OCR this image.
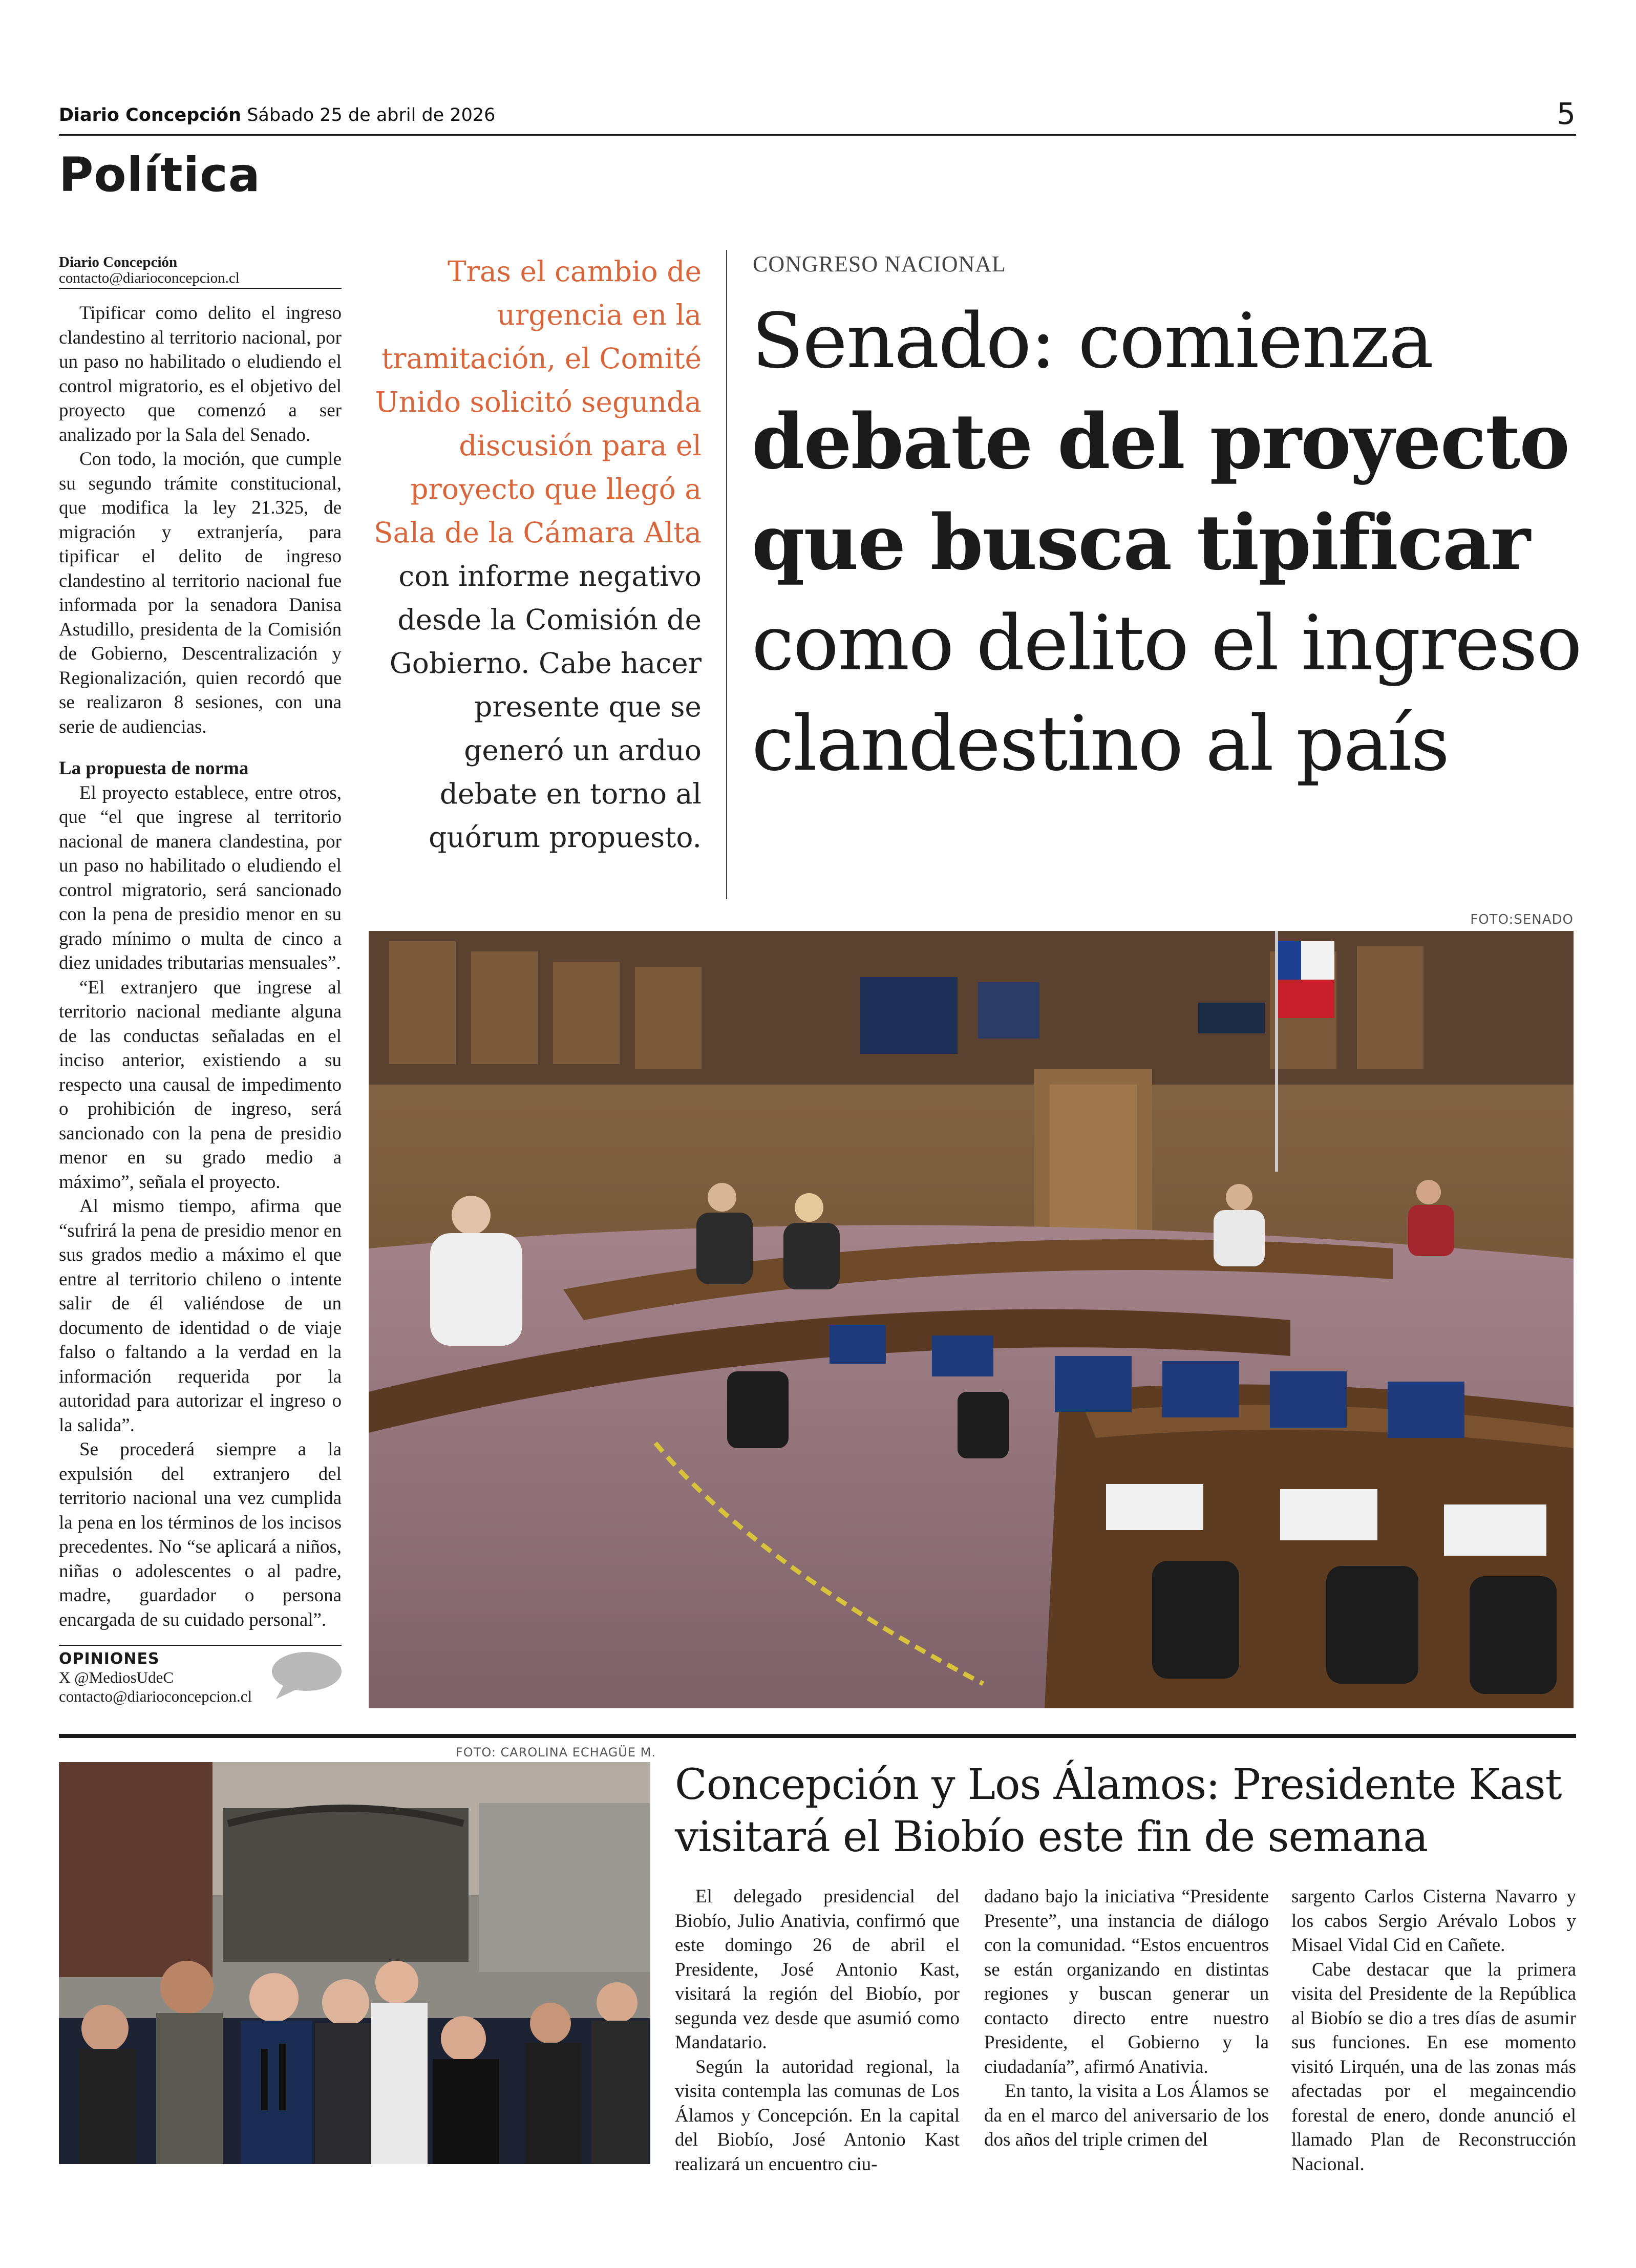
Diario Concepción Sábado 25 de abril de 2026	5
Política
Diario Concepción
contacto@diarioconcepcion.cl

Tipificar como delito el ingreso clandestino al territorio nacional, por un paso no habilitado o eludiendo el control migratorio, es el objetivo del proyecto que comenzó a ser analizado por la Sala del Senado.

Con todo, la moción, que cumple su segundo trámite constitucional, que modifica la ley 21.325, de migración y extranjería, para tipificar el delito de ingreso clandestino al territorio nacional fue informada por la senadora Danisa Astudillo, presidenta de la Comisión de Gobierno, Descentralización y Regionalización, quien recordó que se realizaron 8 sesiones, con una serie de audiencias.

La propuesta de norma

El proyecto establece, entre otros, que “el que ingrese al territorio nacional de manera clandestina, por un paso no habilitado o eludiendo el control migratorio, será sancionado con la pena de presidio menor en su grado mínimo o multa de cinco a diez unidades tributarias mensuales”.

“El extranjero que ingrese al territorio nacional mediante alguna de las conductas señaladas en el inciso anterior, existiendo a su respecto una causal de impedimento o prohibición de ingreso, será sancionado con la pena de presidio menor en su grado medio a máximo”, señala el proyecto.

Al mismo tiempo, afirma que “sufrirá la pena de presidio menor en sus grados medio a máximo el que entre al territorio chileno o intente salir de él valiéndose de un documento de identidad o de viaje falso o faltando a la verdad en la información requerida por la autoridad para autorizar el ingreso o la salida”.

Se procederá siempre a la expulsión del extranjero del territorio nacional una vez cumplida la pena en los términos de los incisos precedentes. No “se aplicará a niños, niñas o adolescentes o al padre, madre, guardador o persona encargada de su cuidado personal”.

OPINIONES
X @MediosUdeC
contacto@diarioconcepcion.cl
Tras el cambio de urgencia en la tramitación, el Comité Unido solicitó segunda discusión para el proyecto que llegó a Sala de la Cámara Alta con informe negativo desde la Comisión de Gobierno. Cabe hacer presente que se generó un arduo debate en torno al quórum propuesto.
CONGRESO NACIONAL
Senado: comienza debate del proyecto que busca tipificar como delito el ingreso clandestino al país
FOTO:SENADO
FOTO: CAROLINA ECHAGÜE M.
Concepción y Los Álamos: Presidente Kast visitará el Biobío este fin de semana

El delegado presidencial del Biobío, Julio Anativia, confirmó que este domingo 26 de abril el Presidente, José Antonio Kast, visitará la región del Biobío, por segunda vez desde que asumió como Mandatario.

Según la autoridad regional, la visita contempla las comunas de Los Álamos y Concepción. En la capital del Biobío, José Antonio Kast realizará un encuentro ciu-

dadano bajo la iniciativa “Presidente Presente”, una instancia de diálogo con la comunidad. “Estos encuentros se están organizando en distintas regiones y buscan generar un contacto directo entre nuestro Presidente, el Gobierno y la ciudadanía”, afirmó Anativia.

En tanto, la visita a Los Álamos se da en el marco del aniversario de los dos años del triple crimen del

sargento Carlos Cisterna Navarro y los cabos Sergio Arévalo Lobos y Misael Vidal Cid en Cañete.

Cabe destacar que la primera visita del Presidente de la República al Biobío se dio a tres días de asumir sus funciones. En ese momento visitó Lirquén, una de las zonas más afectadas por el megaincendio forestal de enero, donde anunció el llamado Plan de Reconstrucción Nacional.
